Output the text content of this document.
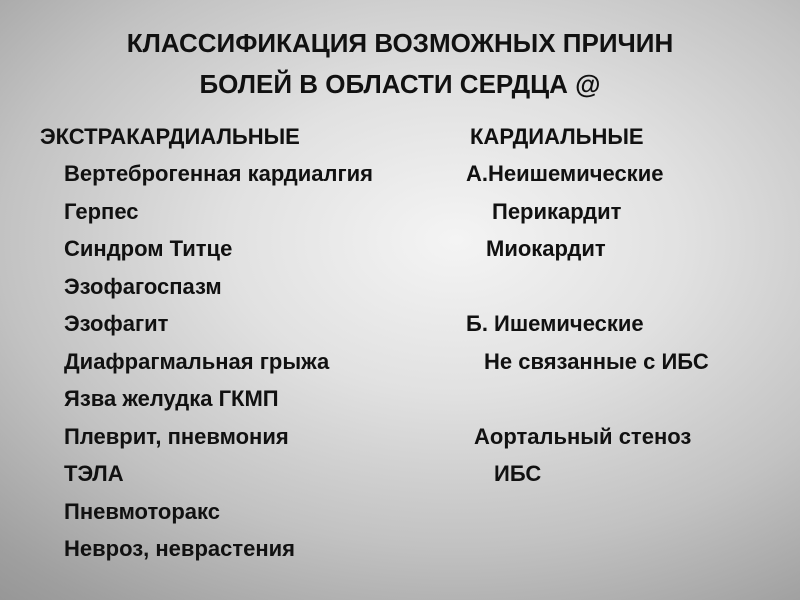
КЛАССИФИКАЦИЯ ВОЗМОЖНЫХ ПРИЧИН
БОЛЕЙ В ОБЛАСТИ СЕРДЦА @
ЭКСТРАКАРДИАЛЬНЫЕ
Вертеброгенная кардиалгия
Герпес
Синдром Титце
Эзофагоспазм
Эзофагит
Диафрагмальная грыжа
Язва желудка ГКМП
Плеврит, пневмония
ТЭЛА
Пневмоторакс
Невроз, неврастения
КАРДИАЛЬНЫЕ
А.Неишемические
Перикардит
Миокардит
Б. Ишемические
Не связанные с ИБС
Аортальный стеноз
ИБС
